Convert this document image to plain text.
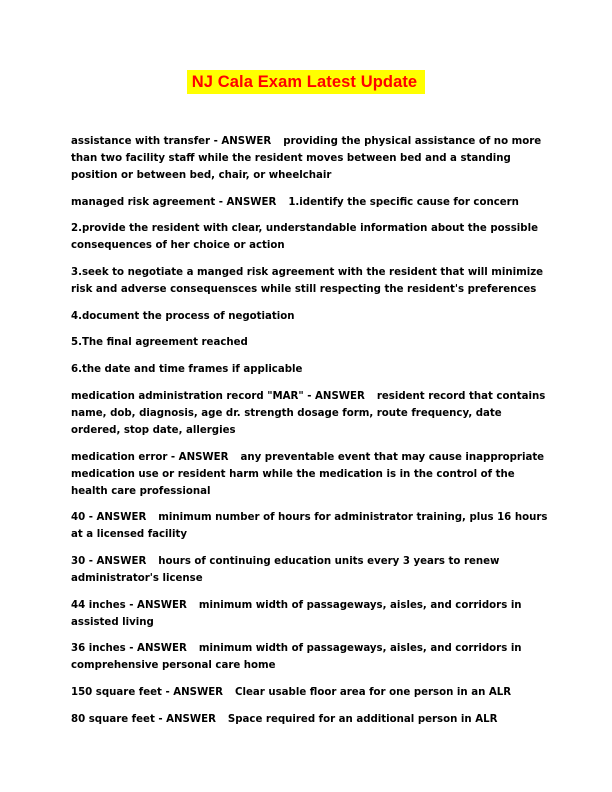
NJ Cala Exam Latest Update

assistance with transfer - ANSWER providing the physical assistance of no more than two facility staff while the resident moves between bed and a standing position or between bed, chair, or wheelchair

managed risk agreement - ANSWER 1.identify the specific cause for concern

2.provide the resident with clear, understandable information about the possible consequences of her choice or action

3.seek to negotiate a manged risk agreement with the resident that will minimize risk and adverse consequensces while still respecting the resident's preferences

4.document the process of negotiation

5.The final agreement reached

6.the date and time frames if applicable

medication administration record "MAR" - ANSWER resident record that contains name, dob, diagnosis, age dr. strength dosage form, route frequency, date ordered, stop date, allergies

medication error - ANSWER any preventable event that may cause inappropriate medication use or resident harm while the medication is in the control of the health care professional

40 - ANSWER minimum number of hours for administrator training, plus 16 hours at a licensed facility

30 - ANSWER hours of continuing education units every 3 years to renew administrator's license

44 inches - ANSWER minimum width of passageways, aisles, and corridors in assisted living

36 inches - ANSWER minimum width of passageways, aisles, and corridors in comprehensive personal care home

150 square feet - ANSWER Clear usable floor area for one person in an ALR

80 square feet - ANSWER Space required for an additional person in ALR
